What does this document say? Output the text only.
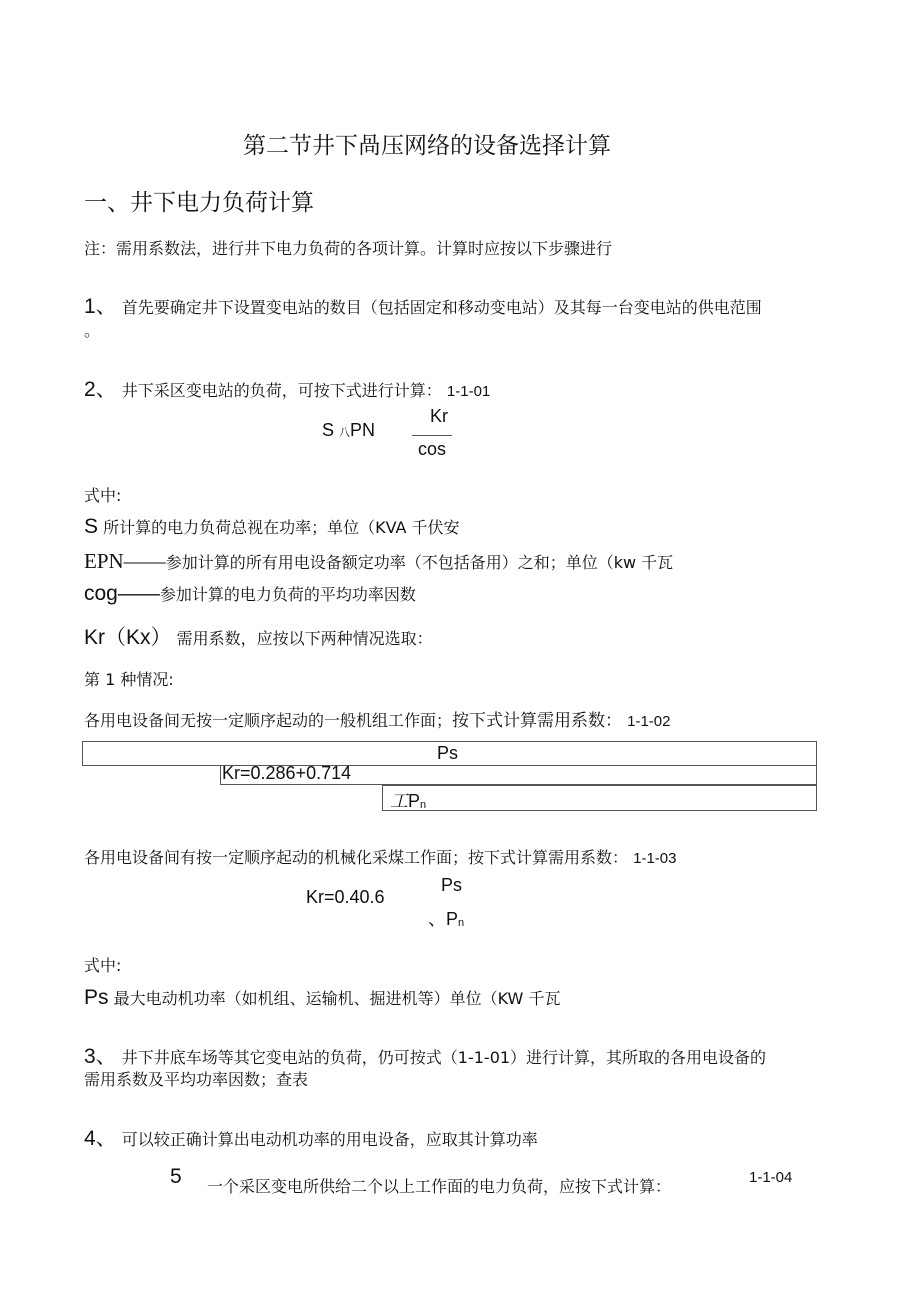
第二节井下咼压网络的设备选择计算
一、井下电力负荷计算
注：需用系数法，进行井下电力负荷的各项计算。计算时应按以下步骤进行
1、 首先要确定井下设置变电站的数目（包括固定和移动变电站）及其每一台变电站的供电范围
。
2、 井下采区变电站的负荷，可按下式进行计算： 1-1-01
S 八PN
Kr
cos
式中:
S 所计算的电力负荷总视在功率；单位（KVA 千伏安
EPN——参加计算的所有用电设备额定功率（不包括备用）之和；单位（kw 千瓦
cog——参加计算的电力负荷的平均功率因数
Kr（Kx） 需用系数，应按以下两种情况选取：
第 1 种情况:
各用电设备间无按一定顺序起动的一般机组工作面；按下式计算需用系数： 1-1-02
Ps
Kr=0.286+0.714
工$P_n$
各用电设备间有按一定顺序起动的机械化采煤工作面；按下式计算需用系数： 1-1-03
Ps
Kr=0.40.6
、$P_n$
式中:
Ps 最大电动机功率（如机组、运输机、掘进机等）单位（KW 千瓦
3、 井下井底车场等其它变电站的负荷，仍可按式（1-1-01）进行计算，其所取的各用电设备的
需用系数及平均功率因数；查表
4、 可以较正确计算出电动机功率的用电设备，应取其计算功率
5 一个采区变电所供给二个以上工作面的电力负荷，应按下式计算：	1-1-04
